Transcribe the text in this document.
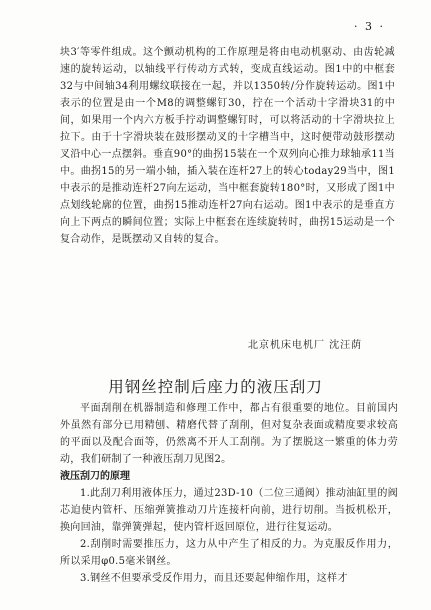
· 3 ·

块3′等零件组成。这个颤动机构的工作原理是将由电动机驱动、由齿轮减速的旋转运动，以轴线平行传动方式转，变成直线运动。图1中的中框套32与中间轴34利用螺纹联接在一起，并以1350转/分作旋转运动。图1中表示的位置是由一个M8的调整螺钉30，拧在一个活动十字滑块31的中间，如果用一个内六方板手拧动调整螺钉时，可以将活动的十字滑块拉上拉下。由于十字滑块装在鼓形摆动叉的十字槽当中，这时便带动鼓形摆动叉沿中心一点摆斜。垂直90°的曲拐15装在一个双列向心推力球轴承11当中。曲拐15的另一端小轴，插入装在连杆27上的转心today29当中，图1中表示的是推动连杆27向左运动，当中框套旋转180°时，又形成了图1中点划线轮廓的位置，曲拐15推动连杆27向右运动。图1中表示的是垂直方向上下两点的瞬间位置；实际上中框套在连续旋转时，曲拐15运动是一个复合动作，是既摆动又自转的复合。

北京机床电机厂 沈汪荫
用钢丝控制后座力的液压刮刀

平面刮削在机器制造和修理工作中，都占有很重要的地位。目前国内外虽然有部分已用精刨、精磨代替了刮削，但对复杂表面或精度要求较高的平面以及配合面等，仍然离不开人工刮削。为了摆脱这一繁重的体力劳动，我们研制了一种液压刮刀见图2。

液压刮刀的原理

1.此刮刀利用液体压力，通过23D-10（二位三通阀）推动油缸里的阀芯迫使内管杆、压缩弹簧推动刀片连接杆向前，进行切削。当扳机松开，换向回油，靠弹簧弹起，使内管杆返回原位，进行往复运动。

2.刮削时需要推压力，这力从中产生了相反的力。为克服反作用力，所以采用φ0.5毫米钢丝。

3.钢丝不但要承受反作用力，而且还要起伸缩作用，这样才
